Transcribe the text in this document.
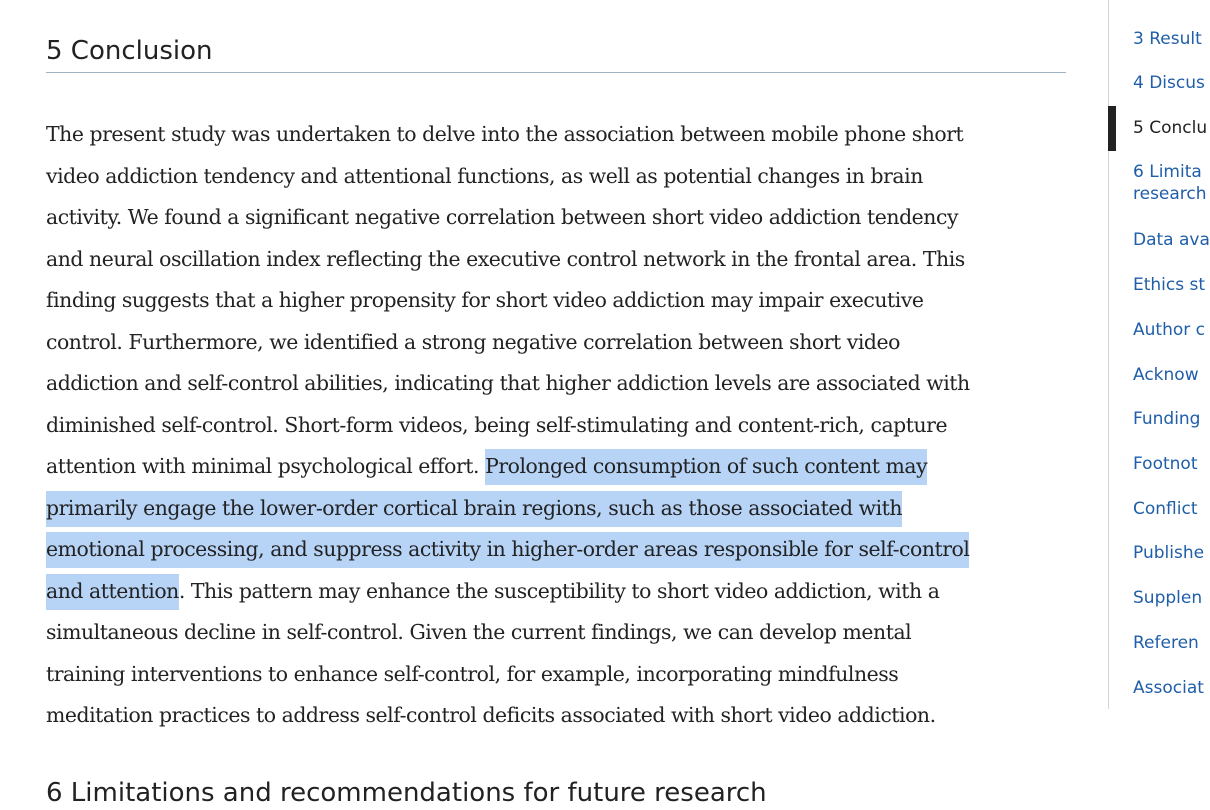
5 Conclusion

The present study was undertaken to delve into the association between mobile phone short
video addiction tendency and attentional functions, as well as potential changes in brain
activity. We found a significant negative correlation between short video addiction tendency
and neural oscillation index reflecting the executive control network in the frontal area. This
finding suggests that a higher propensity for short video addiction may impair executive
control. Furthermore, we identified a strong negative correlation between short video
addiction and self-control abilities, indicating that higher addiction levels are associated with
diminished self-control. Short-form videos, being self-stimulating and content-rich, capture
attention with minimal psychological effort. Prolonged consumption of such content may
primarily engage the lower-order cortical brain regions, such as those associated with
emotional processing, and suppress activity in higher-order areas responsible for self-control
and attention. This pattern may enhance the susceptibility to short video addiction, with a
simultaneous decline in self-control. Given the current findings, we can develop mental
training interventions to enhance self-control, for example, incorporating mindfulness
meditation practices to address self-control deficits associated with short video addiction.

6 Limitations and recommendations for future research
3 Result
4 Discus
5 Conclu
6 Limita
research
Data ava
Ethics st
Author c
Acknow
Funding
Footnot
Conflict
Publishe
Supplen
Referen
Associat
